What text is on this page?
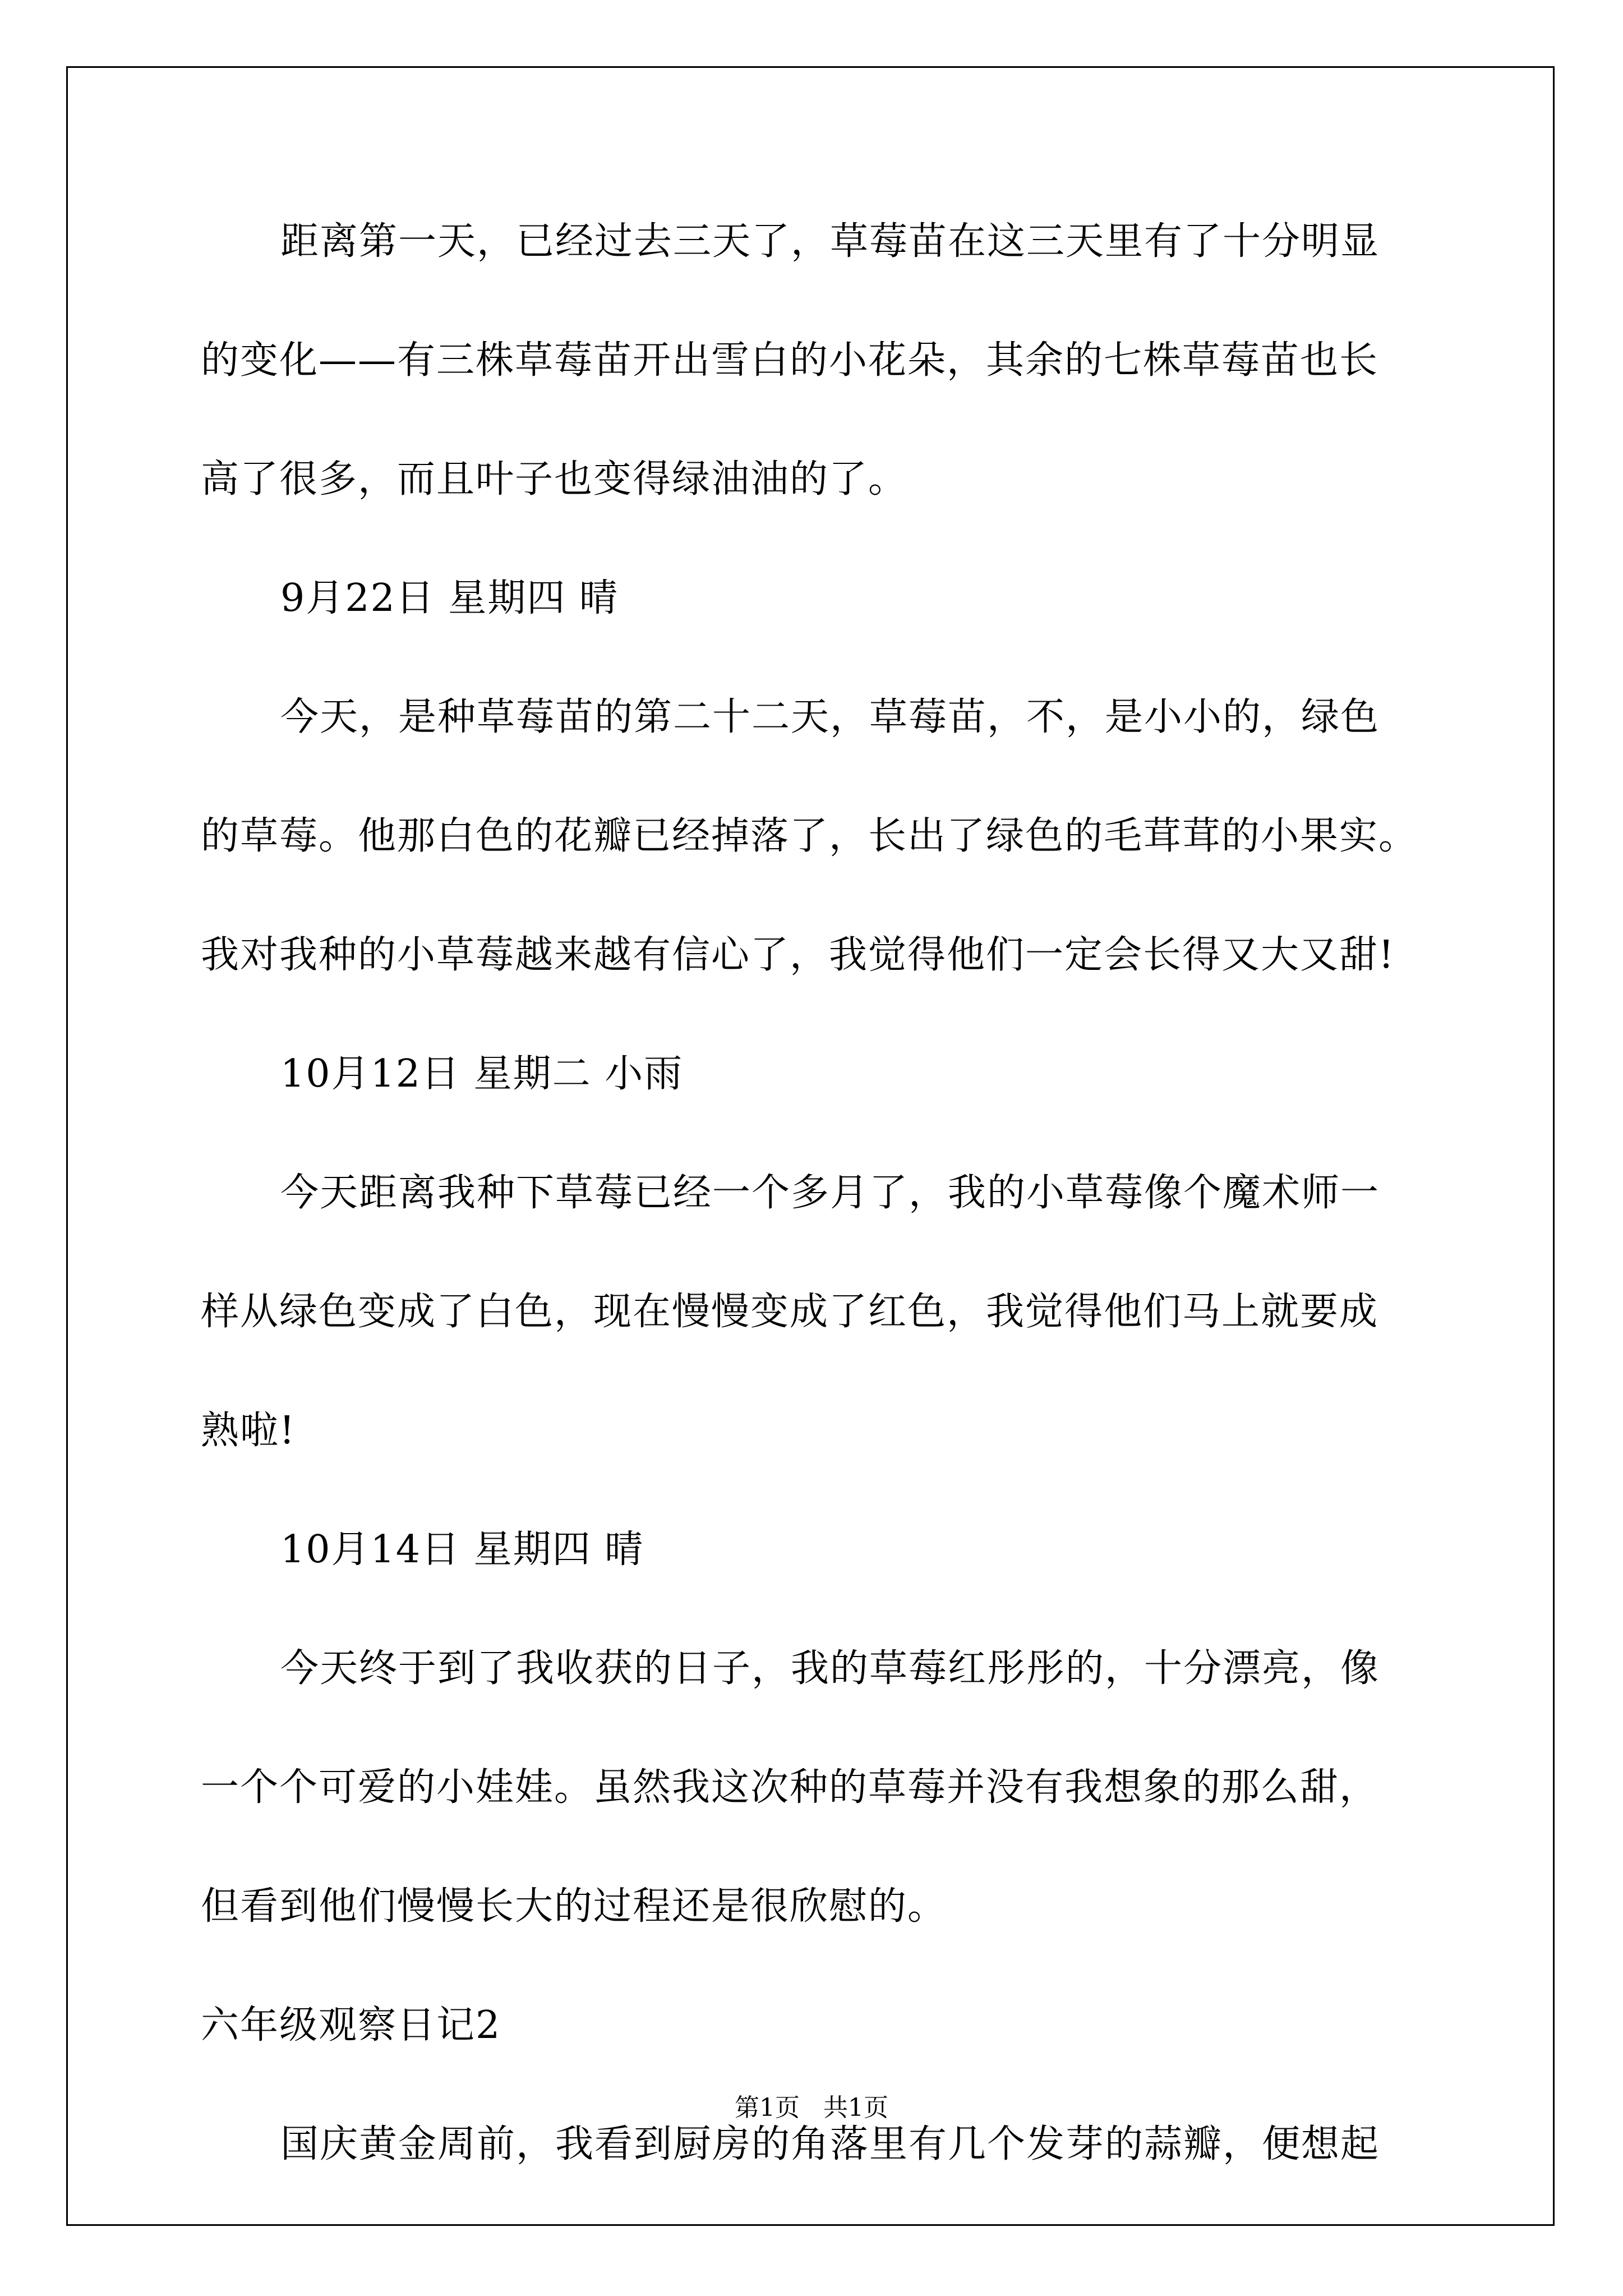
距离第一天，已经过去三天了，草莓苗在这三天里有了十分明显
的变化——有三株草莓苗开出雪白的小花朵，其余的七株草莓苗也长
高了很多，而且叶子也变得绿油油的了。
9月22日 星期四 晴
今天，是种草莓苗的第二十二天，草莓苗，不，是小小的，绿色
的草莓。他那白色的花瓣已经掉落了，长出了绿色的毛茸茸的小果实。
我对我种的小草莓越来越有信心了，我觉得他们一定会长得又大又甜!
10月12日 星期二 小雨
今天距离我种下草莓已经一个多月了，我的小草莓像个魔术师一
样从绿色变成了白色，现在慢慢变成了红色，我觉得他们马上就要成
熟啦!
10月14日 星期四 晴
今天终于到了我收获的日子，我的草莓红彤彤的，十分漂亮，像
一个个可爱的小娃娃。虽然我这次种的草莓并没有我想象的那么甜，
但看到他们慢慢长大的过程还是很欣慰的。
六年级观察日记2
国庆黄金周前，我看到厨房的角落里有几个发芽的蒜瓣，便想起
第1页   共1页
